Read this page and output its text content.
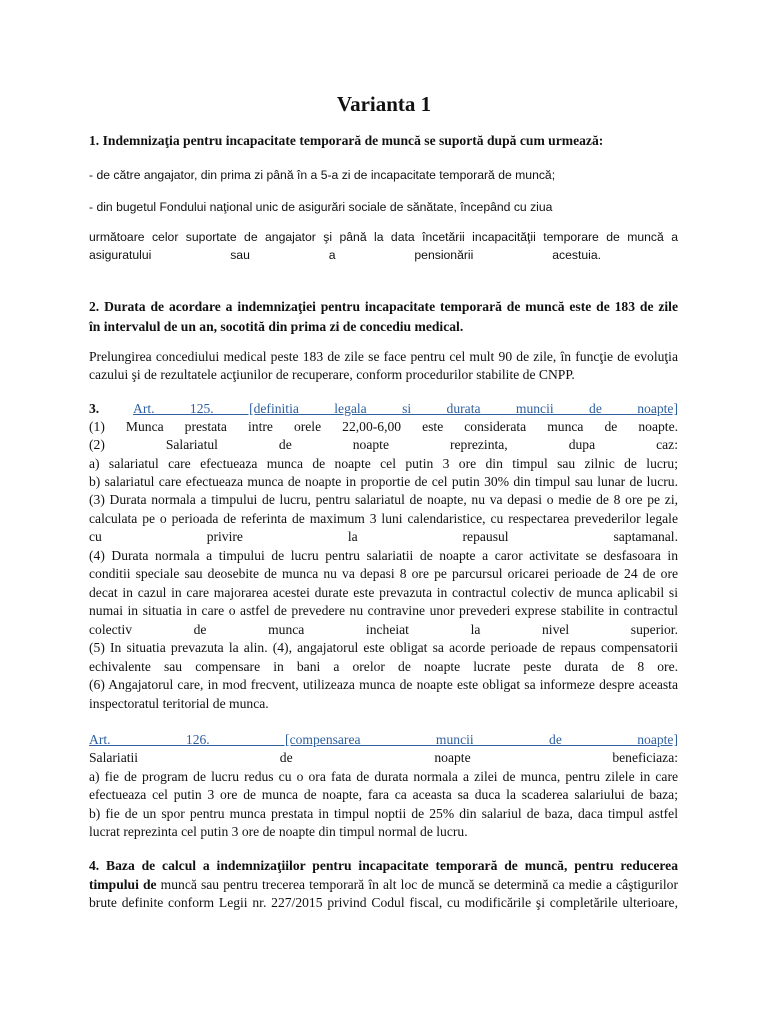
Varianta 1
1. Indemnizaţia pentru incapacitate temporară de muncă se suportă după cum urmează:
- de către angajator, din prima zi până în a 5-a zi de incapacitate temporară de muncă;
- din bugetul Fondului naţional unic de asigurări sociale de sănătate, începând cu ziua
următoare celor suportate de angajator şi până la data încetării incapacităţii temporare de muncă a
asiguratului sau a pensionării acestuia.
2. Durata de acordare a indemnizaţiei pentru incapacitate temporară de muncă este de 183 de zile
în intervalul de un an, socotită din prima zi de concediu medical.
Prelungirea concediului medical peste 183 de zile se face pentru cel mult 90 de zile, în funcţie de evoluţia
cazului şi de rezultatele acţiunilor de recuperare, conform procedurilor stabilite de CNPP.
3. Art. 125. [definitia legala si durata muncii de noapte]
(1) Munca prestata intre orele 22,00-6,00 este considerata munca de noapte.
(2) Salariatul de noapte reprezinta, dupa caz:
a) salariatul care efectueaza munca de noapte cel putin 3 ore din timpul sau zilnic de lucru;
b) salariatul care efectueaza munca de noapte in proportie de cel putin 30% din timpul sau lunar de lucru.
(3) Durata normala a timpului de lucru, pentru salariatul de noapte, nu va depasi o medie de 8 ore pe zi,
calculata pe o perioada de referinta de maximum 3 luni calendaristice, cu respectarea prevederilor legale
cu privire la repausul saptamanal.
(4) Durata normala a timpului de lucru pentru salariatii de noapte a caror activitate se desfasoara in
conditii speciale sau deosebite de munca nu va depasi 8 ore pe parcursul oricarei perioade de 24 de ore
decat in cazul in care majorarea acestei durate este prevazuta in contractul colectiv de munca aplicabil si
numai in situatia in care o astfel de prevedere nu contravine unor prevederi exprese stabilite in contractul
colectiv de munca incheiat la nivel superior.
(5) In situatia prevazuta la alin. (4), angajatorul este obligat sa acorde perioade de repaus compensatorii
echivalente sau compensare in bani a orelor de noapte lucrate peste durata de 8 ore.
(6) Angajatorul care, in mod frecvent, utilizeaza munca de noapte este obligat sa informeze despre aceasta
inspectoratul teritorial de munca.
Art. 126. [compensarea muncii de noapte]
Salariatii de noapte beneficiaza:
a) fie de program de lucru redus cu o ora fata de durata normala a zilei de munca, pentru zilele in care
efectueaza cel putin 3 ore de munca de noapte, fara ca aceasta sa duca la scaderea salariului de baza;
b) fie de un spor pentru munca prestata in timpul noptii de 25% din salariul de baza, daca timpul astfel
lucrat reprezinta cel putin 3 ore de noapte din timpul normal de lucru.
4. Baza de calcul a indemnizaţiilor pentru incapacitate temporară de muncă, pentru reducerea
timpului de muncă sau pentru trecerea temporară în alt loc de muncă se determină ca medie a câştigurilor
brute definite conform Legii nr. 227/2015 privind Codul fiscal, cu modificările şi completările ulterioare,
